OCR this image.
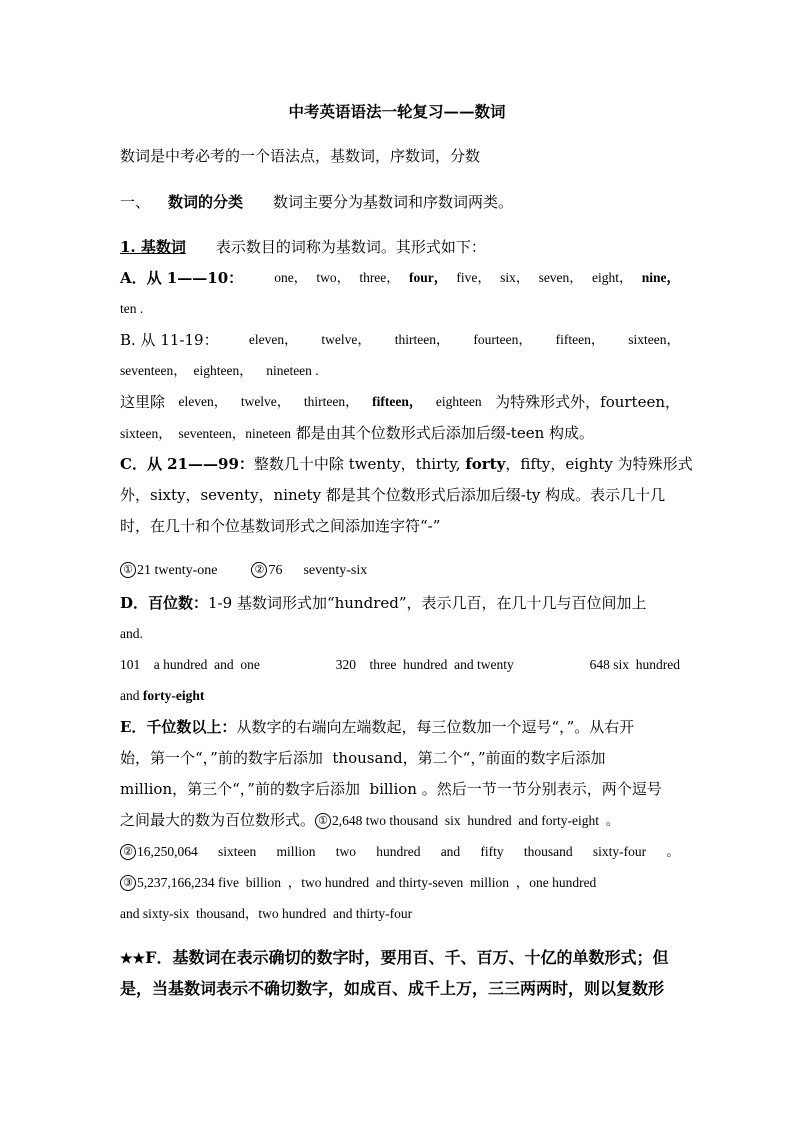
中考英语语法一轮复习——数词
数词是中考必考的一个语法点，基数词，序数词，分数
一、 数词的分类 数词主要分为基数词和序数词两类。
1. 基数词 表示数目的词称为基数词。其形式如下：
A．从 1——10：	one， two， three， four， five， six， seven， eight， nine，
ten .
B. 从 11-19：	eleven， twelve， thirteen， fourteen， fifteen， sixteen，
seventeen，  eighteen，    nineteen .
这里除 eleven， twelve， thirteen， fifteen， eighteen 为特殊形式外，fourteen，
sixteen，  seventeen，nineteen 都是由其个位数形式后添加后缀-teen 构成。
C．从 21——99：整数几十中除 twenty，thirty, forty，fifty，eighty 为特殊形式
外，sixty，seventy，ninety 都是其个位数形式后添加后缀-ty 构成。表示几十几
时，在几十和个位基数词形式之间添加连字符“-”
① 21 twenty-one	② 76      seventy-six
D．百位数：1-9 基数词形式加“hundred”，表示几百，在几十几与百位间加上
and.
101    a hundred  and  one	320    three  hundred  and twenty	648 six  hundred
and forty-eight
E．千位数以上：从数字的右端向左端数起，每三位数加一个逗号“，”。从右开
始，第一个“，”前的数字后添加  thousand，第二个“，”前面的数字后添加
million，第三个“，”前的数字后添加  billion 。然后一节一节分别表示，两个逗号
之间最大的数为百位数形式。 ① 2,648 two thousand  six  hundred  and forty-eight  。
② 16,250,064 sixteen million two hundred and fifty thousand sixty-four 。
③ 5,237,166,234 five  billion  ，two hundred  and thirty-seven  million  ，one hundred
and sixty-six  thousand，two hundred  and thirty-four
★★F．基数词在表示确切的数字时，要用百、千、百万、十亿的单数形式；但
是，当基数词表示不确切数字，如成百、成千上万，三三两两时，则以复数形
